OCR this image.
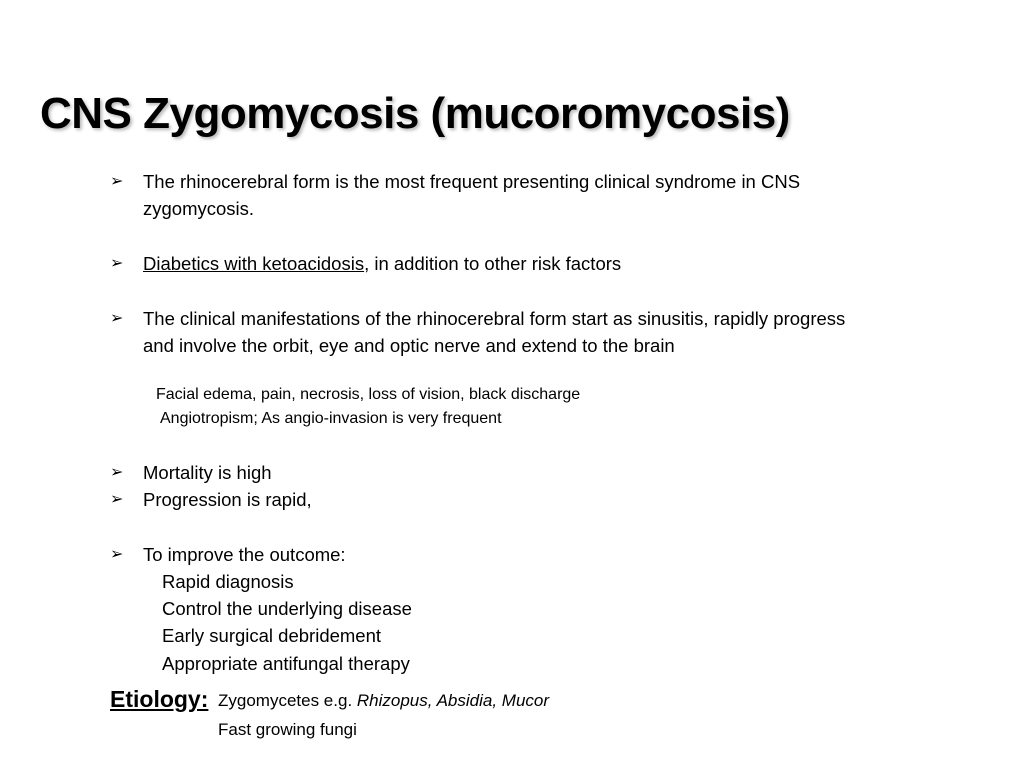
CNS Zygomycosis (mucoromycosis)
➢	The rhinocerebral form is the most frequent presenting clinical syndrome in CNS
zygomycosis.
➢	Diabetics with ketoacidosis, in addition to other risk factors
➢	The clinical manifestations of the rhinocerebral form start as sinusitis, rapidly progress
and involve the orbit, eye and optic nerve and extend to the brain
Facial edema, pain, necrosis, loss of vision, black discharge
Angiotropism; As angio-invasion is very frequent
➢	Mortality is high
➢	Progression is rapid,
➢	To improve the outcome:
Rapid diagnosis
Control the underlying disease
Early surgical debridement
Appropriate antifungal therapy
Etiology: Zygomycetes e.g. Rhizopus, Absidia, Mucor
Fast growing fungi
